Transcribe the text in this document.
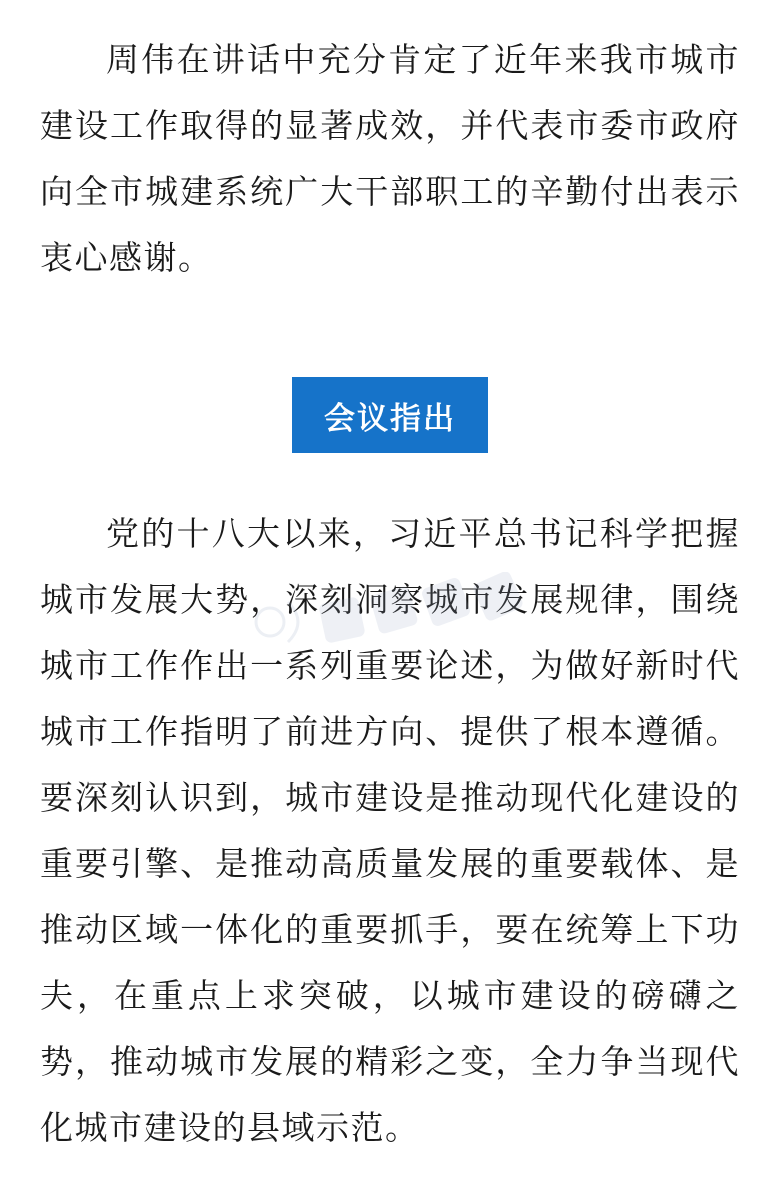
周伟在讲话中充分肯定了近年来我市城市建设工作取得的显著成效，并代表市委市政府向全市城建系统广大干部职工的辛勤付出表示衷心感谢。

会议指出

党的十八大以来，习近平总书记科学把握城市发展大势，深刻洞察城市发展规律，围绕城市工作作出一系列重要论述，为做好新时代城市工作指明了前进方向、提供了根本遵循。要深刻认识到，城市建设是推动现代化建设的重要引擎、是推动高质量发展的重要载体、是推动区域一体化的重要抓手，要在统筹上下功夫，在重点上求突破，以城市建设的磅礴之势，推动城市发展的精彩之变，全力争当现代化城市建设的县域示范。
